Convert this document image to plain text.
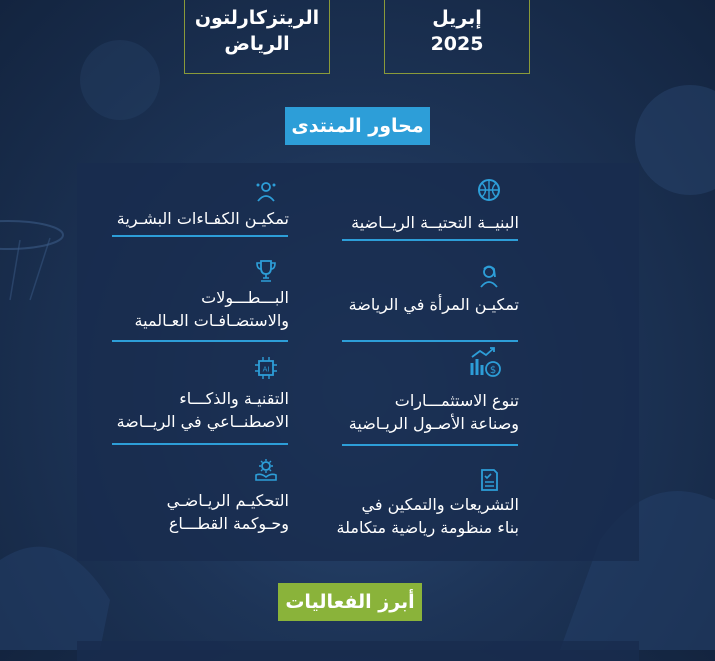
الريتزكارلتون
الرياض
إبريل
2025
محاور المنتدى
البنيــة التحتيــة الريــاضية
تمكيـن الكفـاءات البشـرية
تمكيـن المرأة في الرياضة
البـــطـــولات
والاستضـافـات العـالمية
$
تنوع الاستثمـــارات
وصناعة الأصـول الريـاضية
AI
التقنيـة والذكـــاء
الاصطنــاعي في الريــاضة
التشريعات والتمكين في
بناء منظومة رياضية متكاملة
التحكيـم الريـاضـي
وحـوكمة القطـــاع
أبرز الفعاليات
